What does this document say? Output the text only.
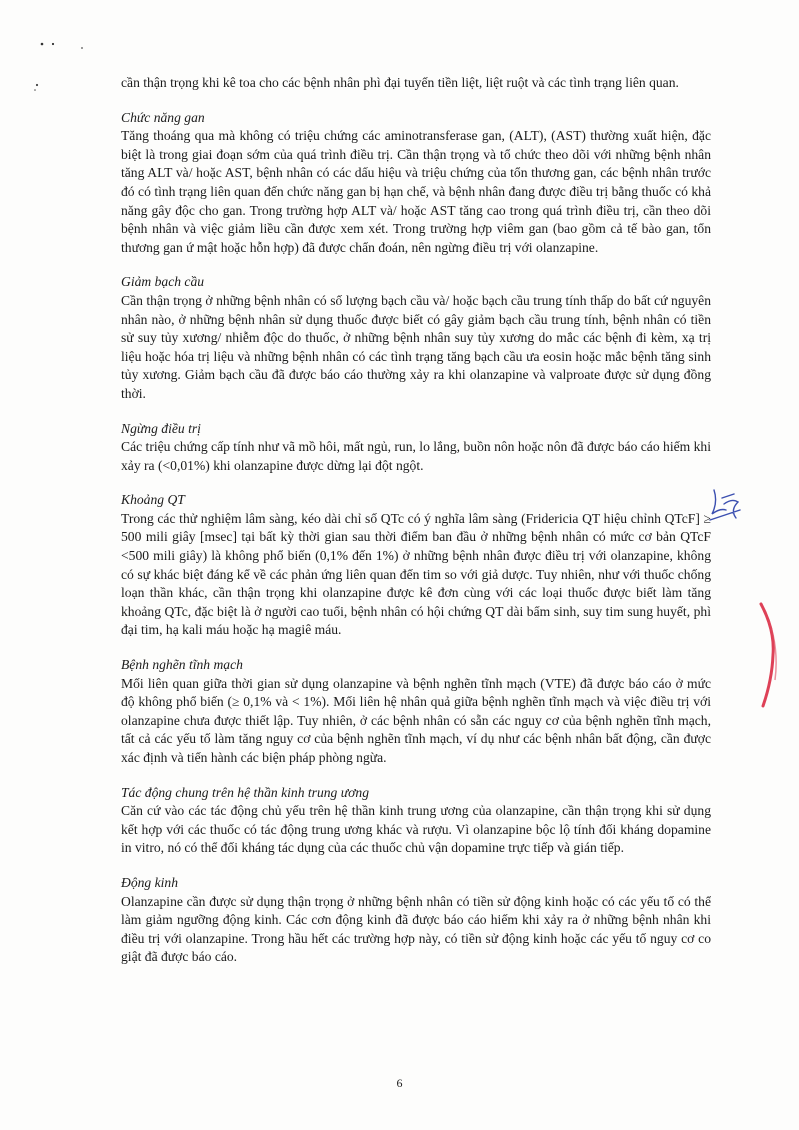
cần thận trọng khi kê toa cho các bệnh nhân phì đại tuyến tiền liệt, liệt ruột và các tình trạng liên quan.

Chức năng gan

Tăng thoáng qua mà không có triệu chứng các aminotransferase gan, (ALT), (AST) thường xuất hiện, đặc biệt là trong giai đoạn sớm của quá trình điều trị. Cần thận trọng và tổ chức theo dõi với những bệnh nhân tăng ALT và/ hoặc AST, bệnh nhân có các dấu hiệu và triệu chứng của tổn thương gan, các bệnh nhân trước đó có tình trạng liên quan đến chức năng gan bị hạn chế, và bệnh nhân đang được điều trị bằng thuốc có khả năng gây độc cho gan. Trong trường hợp ALT và/ hoặc AST tăng cao trong quá trình điều trị, cần theo dõi bệnh nhân và việc giảm liều cần được xem xét. Trong trường hợp viêm gan (bao gồm cả tế bào gan, tổn thương gan ứ mật hoặc hỗn hợp) đã được chẩn đoán, nên ngừng điều trị với olanzapine.

Giảm bạch cầu

Cần thận trọng ở những bệnh nhân có số lượng bạch cầu và/ hoặc bạch cầu trung tính thấp do bất cứ nguyên nhân nào, ở những bệnh nhân sử dụng thuốc được biết có gây giảm bạch cầu trung tính, bệnh nhân có tiền sử suy tủy xương/ nhiễm độc do thuốc, ở những bệnh nhân suy tủy xương do mắc các bệnh đi kèm, xạ trị liệu hoặc hóa trị liệu và những bệnh nhân có các tình trạng tăng bạch cầu ưa eosin hoặc mắc bệnh tăng sinh tủy xương. Giảm bạch cầu đã được báo cáo thường xảy ra khi olanzapine và valproate được sử dụng đồng thời.

Ngừng điều trị

Các triệu chứng cấp tính như vã mồ hôi, mất ngủ, run, lo lắng, buồn nôn hoặc nôn đã được báo cáo hiếm khi xảy ra (<0,01%) khi olanzapine được dừng lại đột ngột.

Khoảng QT

Trong các thử nghiệm lâm sàng, kéo dài chỉ số QTc có ý nghĩa lâm sàng (Fridericia QT hiệu chỉnh QTcF] ≥ 500 mili giây [msec] tại bất kỳ thời gian sau thời điểm ban đầu ở những bệnh nhân có mức cơ bản QTcF <500 mili giây) là không phổ biến (0,1% đến 1%) ở những bệnh nhân được điều trị với olanzapine, không có sự khác biệt đáng kể về các phản ứng liên quan đến tim so với giả dược. Tuy nhiên, như với thuốc chống loạn thần khác, cần thận trọng khi olanzapine được kê đơn cùng với các loại thuốc được biết làm tăng khoảng QTc, đặc biệt là ở người cao tuổi, bệnh nhân có hội chứng QT dài bẩm sinh, suy tim sung huyết, phì đại tim, hạ kali máu hoặc hạ magiê máu.

Bệnh nghẽn tĩnh mạch

Mối liên quan giữa thời gian sử dụng olanzapine và bệnh nghẽn tĩnh mạch (VTE) đã được báo cáo ở mức độ không phổ biến (≥ 0,1% và < 1%). Mối liên hệ nhân quả giữa bệnh nghẽn tĩnh mạch và việc điều trị với olanzapine chưa được thiết lập. Tuy nhiên, ở các bệnh nhân có sẵn các nguy cơ của bệnh nghẽn tĩnh mạch, tất cả các yếu tố làm tăng nguy cơ của bệnh nghẽn tĩnh mạch, ví dụ như các bệnh nhân bất động, cần được xác định và tiến hành các biện pháp phòng ngừa.

Tác động chung trên hệ thần kinh trung ương

Căn cứ vào các tác động chủ yếu trên hệ thần kinh trung ương của olanzapine, cần thận trọng khi sử dụng kết hợp với các thuốc có tác động trung ương khác và rượu. Vì olanzapine bộc lộ tính đối kháng dopamine in vitro, nó có thể đối kháng tác dụng của các thuốc chủ vận dopamine trực tiếp và gián tiếp.

Động kinh

Olanzapine cần được sử dụng thận trọng ở những bệnh nhân có tiền sử động kinh hoặc có các yếu tố có thể làm giảm ngưỡng động kinh. Các cơn động kinh đã được báo cáo hiếm khi xảy ra ở những bệnh nhân khi điều trị với olanzapine. Trong hầu hết các trường hợp này, có tiền sử động kinh hoặc các yếu tố nguy cơ co giật đã được báo cáo.

6
